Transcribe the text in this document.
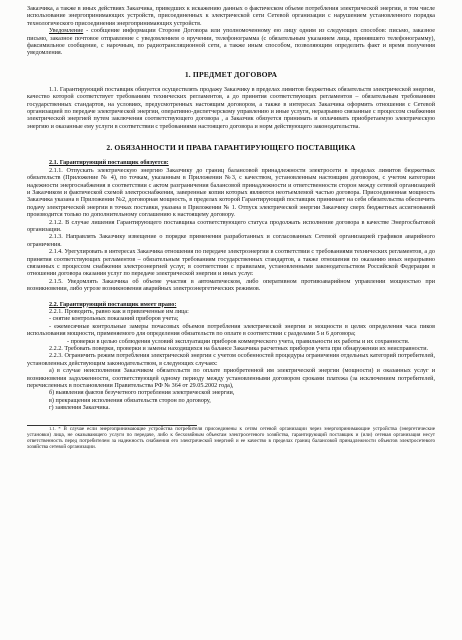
Заказчика, а также в иных действиях Заказчика, приведших к искажению данных о фактическом объеме потребления электрической энергии, в том числе использование энергопринимающих устройств, присоединенных к электрической сети Сетевой организации с нарушением установленного порядка технологического присоединения энергопринимающих устройств.

Уведомление - сообщение информации Стороне Договора или уполномоченному ею лицу одним из следующих способов: письмо, заказное письмо, заказное почтовое отправление с уведомлением о вручении, телефонограмма (с обязательным указанием лица, принявшего телефонограмму), факсимильное сообщение, с нарочным, по радиотрансляционной сети, а также иным способом, позволяющим определить факт и время получения уведомления.

1. ПРЕДМЕТ ДОГОВОРА

1.1. Гарантирующий поставщик обязуется осуществлять продажу Заказчику в пределах лимитов бюджетных обязательств электрической энергии, качество которой соответствует требованиям технических регламентов, а до принятия соответствующих регламентов – обязательным требованиям государственных стандартов, на условиях, предусмотренных настоящим договором, а также в интересах Заказчика оформить отношения с Сетевой организацией по передаче электрической энергии, оперативно-диспетчерскому управлению и иные услуги, неразрывно связанные с процессом снабжения электрической энергией путем заключения соответствующего договора , а Заказчик обязуется принимать и оплачивать приобретаемую электрическую энергию и оказанные ему услуги в соответствии с требованиями настоящего договора и норм действующего законодательства.

2. ОБЯЗАННОСТИ И ПРАВА ГАРАНТИРУЮЩЕГО ПОСТАВЩИКА

2.1. Гарантирующий поставщик обязуется:

2.1.1. Отпускать электрическую энергию Заказчику до границ балансовой принадлежности электросети в пределах лимитов бюджетных обязательств (Приложение № 4), по точкам, указанным в Приложении №3, с качеством, установленным настоящим договором, с учетом категории надежности энергоснабжения в соответствии с актом разграничения балансовой принадлежности и ответственности сторон между сетевой организацией и Заказчиком и фактической схемой электроснабжения, заверенные копии которых являются неотъемлемой частью договора. Присоединенная мощность Заказчика указана в Приложении №2, договорная мощность, в пределах которой Гарантирующий поставщик принимает на себя обязательства обеспечить подачу электрической энергии в точках поставки, указана в Приложении № 1. Отпуск электрической энергии Заказчику сверх бюджетных ассигнований производится только по дополнительному соглашению к настоящему договору.

2.1.2. В случае лишения Гарантирующего поставщика соответствующего статуса продолжать исполнение договора в качестве Энергосбытовой организации.

2.1.3. Направлять Заказчику извещение о порядке применения разработанных и согласованных Сетевой организацией графиков аварийного ограничения.

2.1.4. Урегулировать в интересах Заказчика отношения по передаче электроэнергии в соответствии с требованиями технических регламентов, а до принятия соответствующих регламентов – обязательным требованиям государственных стандартов, а также отношения по оказанию иных неразрывно связанных с процессом снабжения электроэнергией услуг, в соответствии с правилами, установленными законодательством Российской Федерации в отношении договора оказания услуг по передаче электрической энергии и иных услуг.

2.1.5. Уведомлять Заказчика об объеме участия в автоматическом, либо оперативном противоаварийном управлении мощностью при возникновении, либо угрозе возникновения аварийных электроэнергетических режимов.

2.2. Гарантирующий поставщик имеет право:

2.2.1. Проводить, равно как и привлеченные им лица:

- снятие контрольных показаний приборов учета;

- ежемесячные контрольные замеры почасовых объемов потребления электрической энергии и мощности в целях определения часа пиков использования мощности, применяемого для определения обязательств по оплате в соответствии с разделами 5 и 6 договора;

- проверки в целью соблюдения условий эксплуатации приборов коммерческого учета, правильности их работы и их сохранности.

2.2.2. Требовать поверки, проверки и замены находящихся на балансе Заказчика расчетных приборов учета при обнаружении их неисправности.

2.2.3. Ограничить режим потребления электрической энергии с учетом особенностей процедуры ограничения отдельных категорий потребителей, установленных действующим законодательством, в следующих случаях:

а) в случае неисполнения Заказчиком обязательств по оплате приобретенной им электрической энергии (мощности) и оказанных услуг и возникновения задолженности, соответствующей одному периоду между установленными договором сроками платежа (за исключением потребителей, перечисленных в постановлении Правительства РФ № 364 от 29.05.2002 года),

б) выявления фактов безучетного потребления электрической энергии,

в) прекращения исполнения обязательств сторон по договору,

г) заявления Заказчика.

1.1. * В случае если энергопринимающие устройства потребителя присоединены к сетям сетевой организации через энергопринимающие устройства (энергетические установки) лица, не оказывающего услуги по передаче, либо к бесхозяйным объектам электросетевого хозяйства, гарантирующий поставщик и (или) сетевая организация несут ответственность перед потребителем за надежность снабжения его электрической энергией и ее качество в пределах границ балансовой принадлежности объектов электросетевого хозяйства сетевой организации.
